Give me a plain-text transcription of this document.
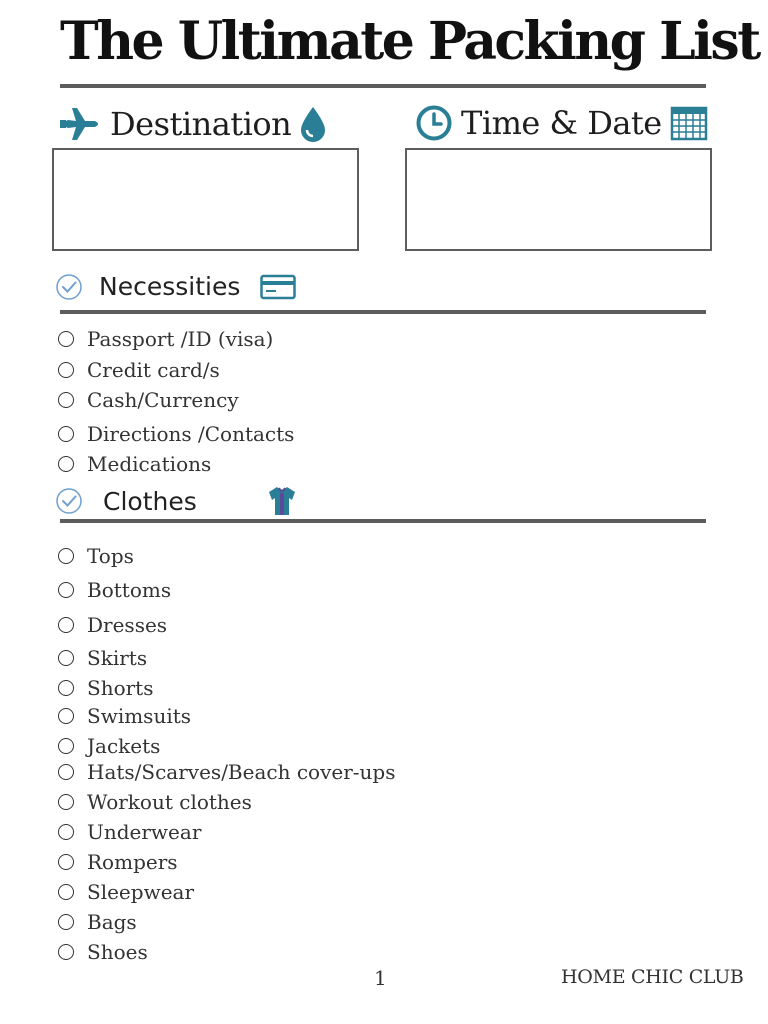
The Ultimate Packing List
Destination	Time & Date
Necessities
Passport /ID (visa)
Credit card/s
Cash/Currency
Directions /Contacts
Medications
Clothes
Tops
Bottoms
Dresses
Skirts
Shorts
Swimsuits
Jackets
Hats/Scarves/Beach cover-ups
Workout clothes
Underwear
Rompers
Sleepwear
Bags
Shoes
1	HOME CHIC CLUB
